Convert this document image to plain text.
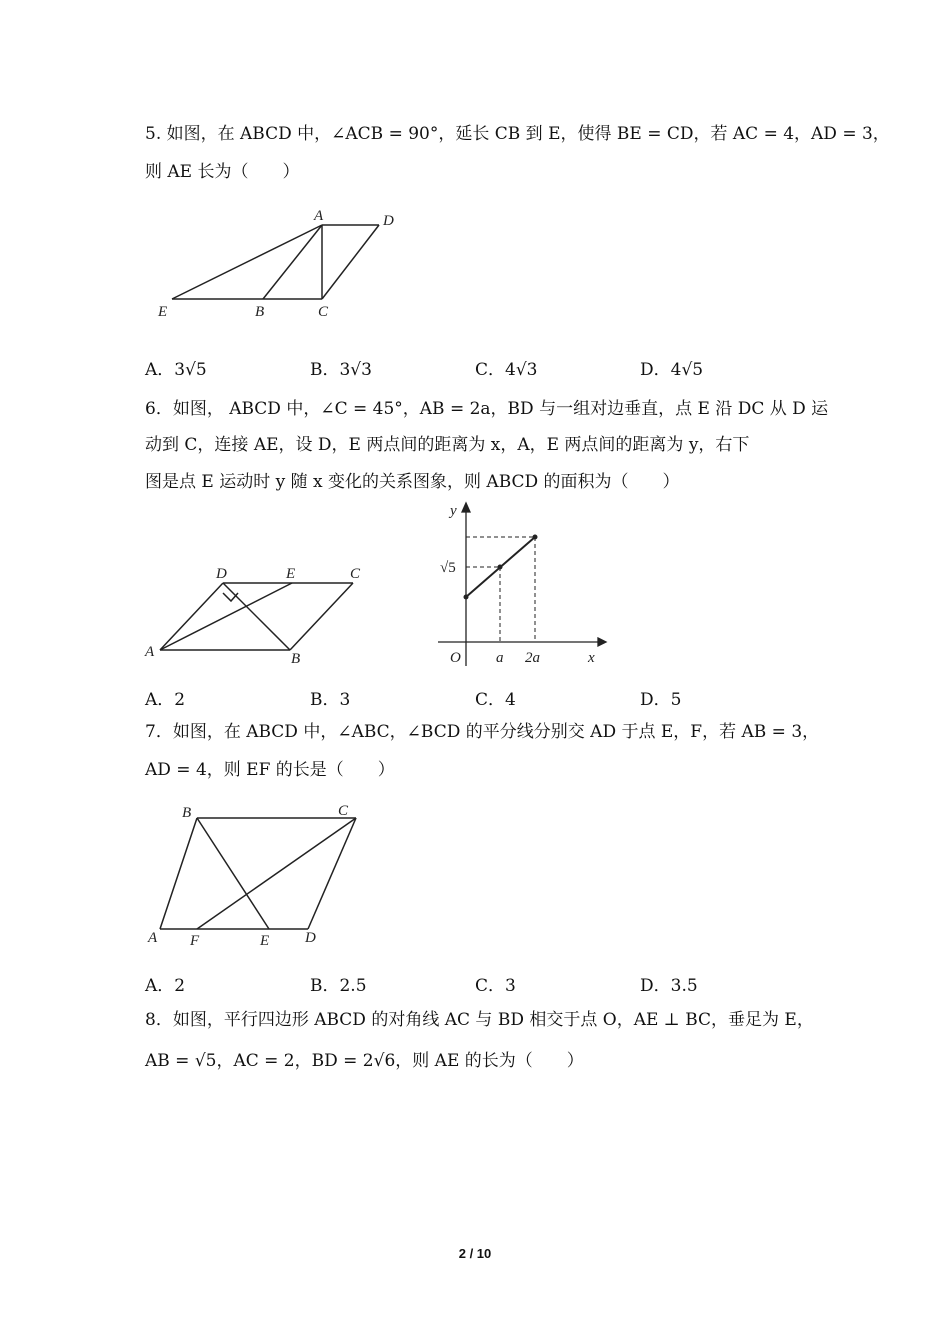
5. 如图，在 ABCD 中，∠ACB = 90°，延长 CB 到 E，使得 BE = CD，若 AC = 4，AD = 3，
则 AE 长为（　　）
A	D
E	B	C
A．3√5	B．3√3	C．4√3	D．4√5
6．如图， ABCD 中，∠C = 45°，AB = 2a，BD 与一组对边垂直，点 E 沿 DC 从 D 运
动到 C，连接 AE，设 D，E 两点间的距离为 x，A，E 两点间的距离为 y，右下
图是点 E 运动时 y 随 x 变化的关系图象，则 ABCD 的面积为（　　）
D	E	C
A	B
y
x
O a 2a
√5
A．2	B．3	C．4	D．5
7．如图，在 ABCD 中，∠ABC，∠BCD 的平分线分别交 AD 于点 E，F，若 AB = 3，
AD = 4，则 EF 的长是（　　）
B	C
A F	E D
A．2	B．2.5	C．3	D．3.5
8．如图，平行四边形 ABCD 的对角线 AC 与 BD 相交于点 O，AE ⊥ BC，垂足为 E，
AB = √5，AC = 2，BD = 2√6，则 AE 的长为（　　）
2 / 10
